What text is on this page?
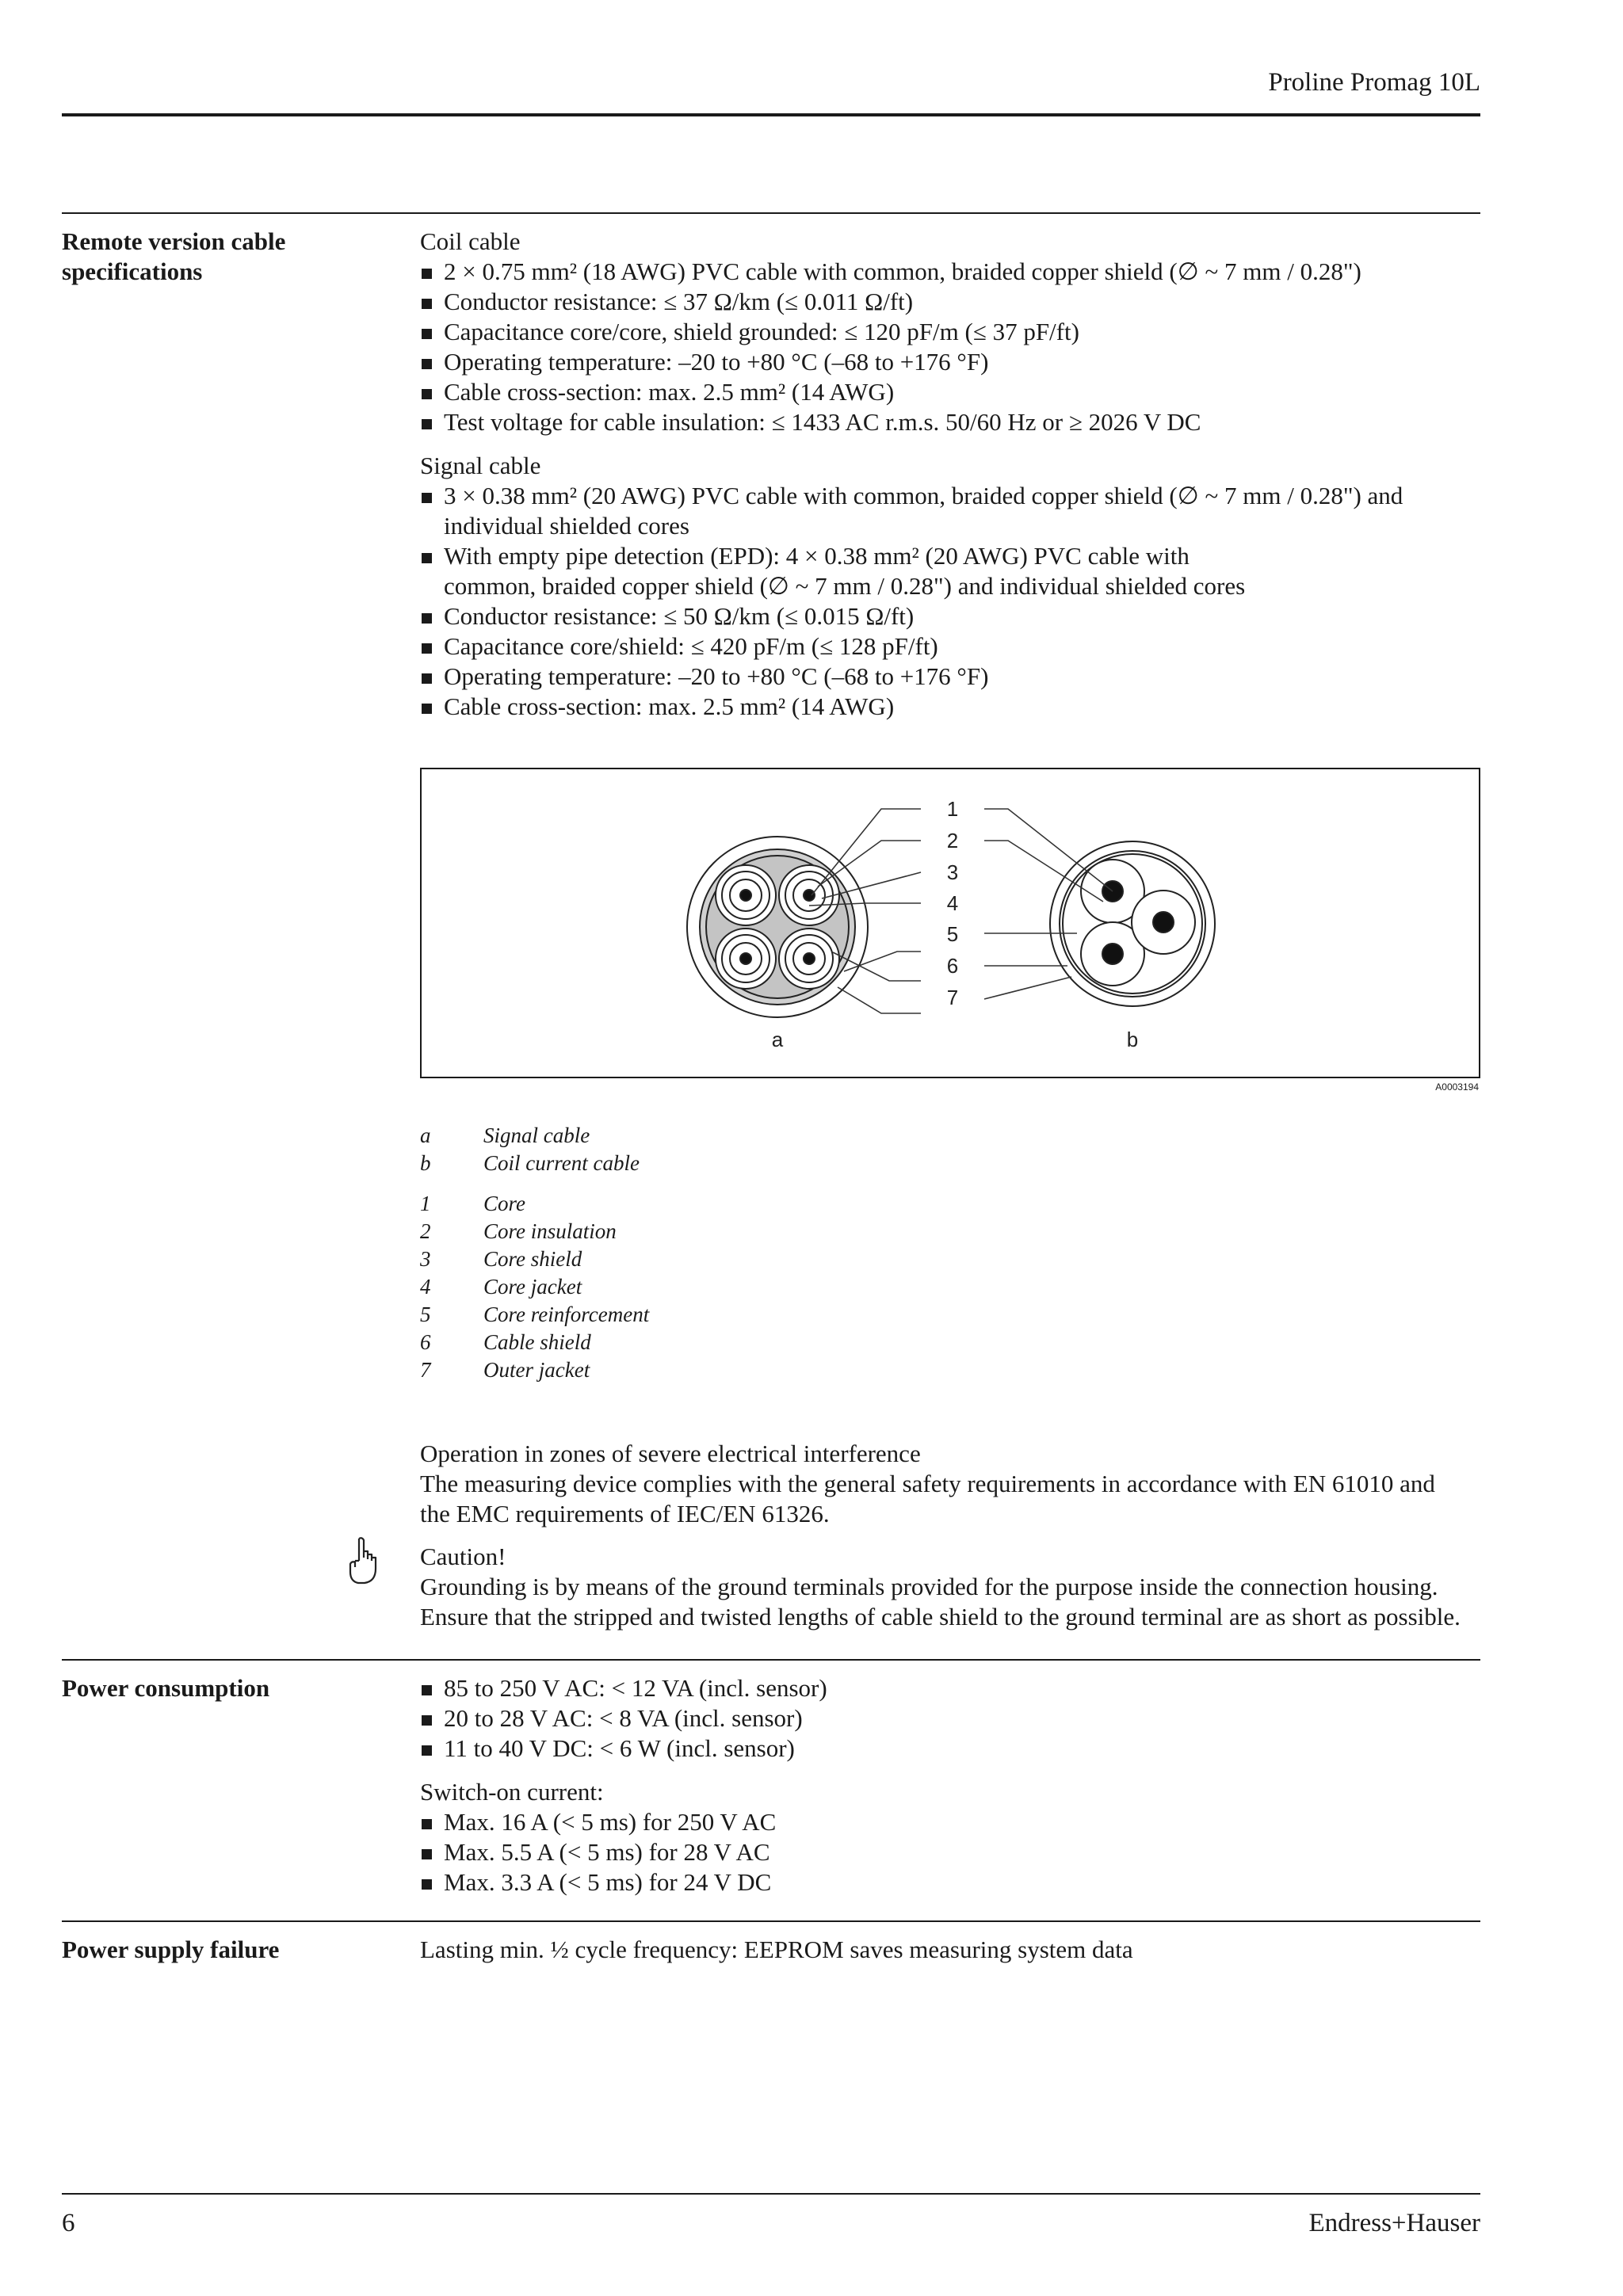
Proline Promag 10L
Remote version cable
specifications

Coil cable

2 × 0.75 mm² (18 AWG) PVC cable with common, braided copper shield (∅ ~ 7 mm / 0.28")
Conductor resistance: ≤ 37 Ω/km (≤ 0.011 Ω/ft)
Capacitance core/core, shield grounded: ≤ 120 pF/m (≤ 37 pF/ft)
Operating temperature: –20 to +80 °C (–68 to +176 °F)
Cable cross-section: max. 2.5 mm² (14 AWG)
Test voltage for cable insulation: ≤ 1433 AC r.m.s. 50/60 Hz or ≥ 2026 V DC

Signal cable

3 × 0.38 mm² (20 AWG) PVC cable with common, braided copper shield (∅ ~ 7 mm / 0.28") and individual shielded cores
With empty pipe detection (EPD): 4 × 0.38 mm² (20 AWG) PVC cable with common, braided copper shield (∅ ~ 7 mm / 0.28") and individual shielded cores
Conductor resistance: ≤ 50 Ω/km (≤ 0.015 Ω/ft)
Capacitance core/shield: ≤ 420 pF/m (≤ 128 pF/ft)
Operating temperature: –20 to +80 °C (–68 to +176 °F)
Cable cross-section: max. 2.5 mm² (14 AWG)
1
2
3
4
5
6
7
a	b
A0003194
a	Signal cable
b	Coil current cable
1	Core
2	Core insulation
3	Core shield
4	Core jacket
5	Core reinforcement
6	Cable shield
7	Outer jacket

Operation in zones of severe electrical interference

The measuring device complies with the general safety requirements in accordance with EN 61010 and

the EMC requirements of IEC/EN 61326.

Caution!

Grounding is by means of the ground terminals provided for the purpose inside the connection housing.

Ensure that the stripped and twisted lengths of cable shield to the ground terminal are as short as possible.

Power consumption	85 to 250 V AC: < 12 VA (incl. sensor)
20 to 28 V AC: < 8 VA (incl. sensor)
11 to 40 V DC: < 6 W (incl. sensor)

Switch-on current:

Max. 16 A (< 5 ms) for 250 V AC
Max. 5.5 A (< 5 ms) for 28 V AC
Max. 3.3 A (< 5 ms) for 24 V DC
Power supply failure	Lasting min. ½ cycle frequency: EEPROM saves measuring system data
6	Endress+Hauser
